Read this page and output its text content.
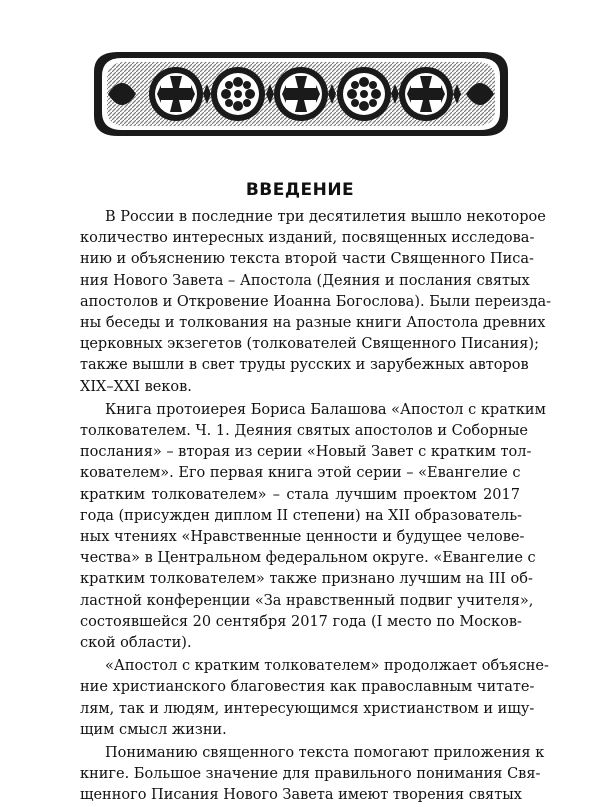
ВВЕДЕНИЕ
В России в последние три десятилетия вышло некоторое
количество интересных изданий, посвященных исследова-
нию и объяснению текста второй части Священного Писа-
ния Нового Завета – Апостола (Деяния и послания святых
апостолов и Откровение Иоанна Богослова). Были переизда-
ны беседы и толкования на разные книги Апостола древних
церковных экзегетов (толкователей Священного Писания);
также вышли в свет труды русских и зарубежных авторов
XIX–XXI веков.
Книга протоиерея Бориса Балашова «Апостол с кратким
толкователем. Ч. 1. Деяния святых апостолов и Соборные
послания» – вторая из серии «Новый Завет с кратким тол-
кователем». Его первая книга этой серии – «Евангелие с
кратким толкователем» – стала лучшим проектом 2017
года (присужден диплом II степени) на XII образователь-
ных чтениях «Нравственные ценности и будущее челове-
чества» в Центральном федеральном округе. «Евангелие с
кратким толкователем» также признано лучшим на III об-
ластной конференции «За нравственный подвиг учителя»,
состоявшейся 20 сентября 2017 года (I место по Москов-
ской области).
«Апостол с кратким толкователем» продолжает объясне-
ние христианского благовестия как православным читате-
лям, так и людям, интересующимся христианством и ищу-
щим смысл жизни.
Пониманию священного текста помогают приложения к
книге. Большое значение для правильного понимания Свя-
щенного Писания Нового Завета имеют творения святых
